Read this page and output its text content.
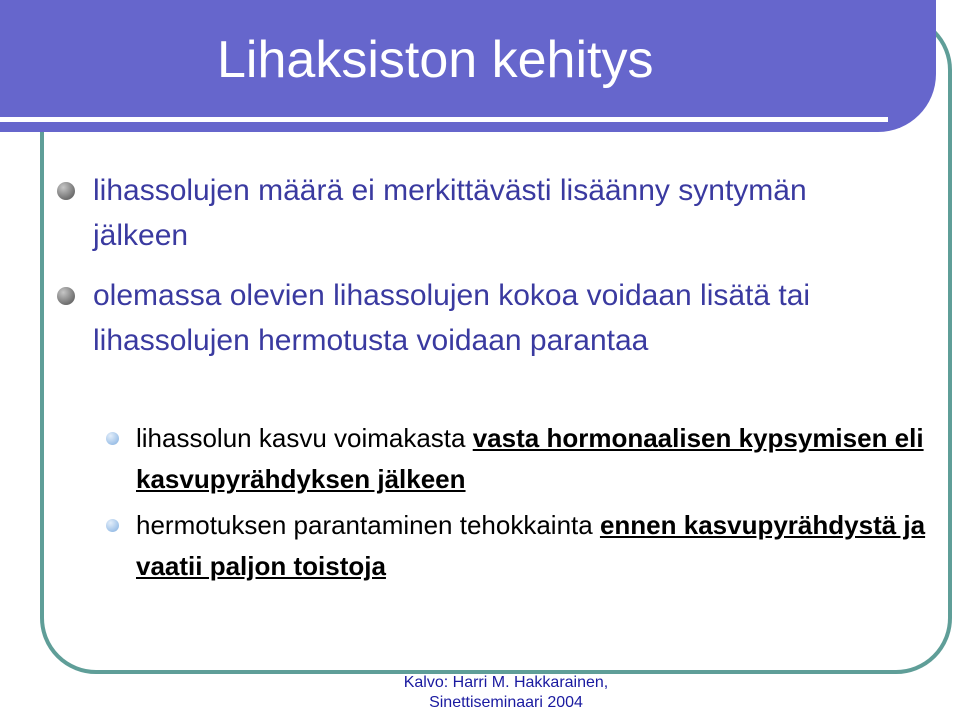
Lihaksiston kehitys
lihassolujen määrä ei merkittävästi lisäänny syntymän jälkeen
olemassa olevien lihassolujen kokoa voidaan lisätä tai lihassolujen hermotusta voidaan parantaa
lihassolun kasvu voimakasta vasta hormonaalisen kypsymisen eli kasvupyrähdyksen jälkeen
hermotuksen parantaminen tehokkainta ennen kasvupyrähdystä ja vaatii paljon toistoja
Kalvo: Harri M. Hakkarainen,
Sinettiseminaari 2004
